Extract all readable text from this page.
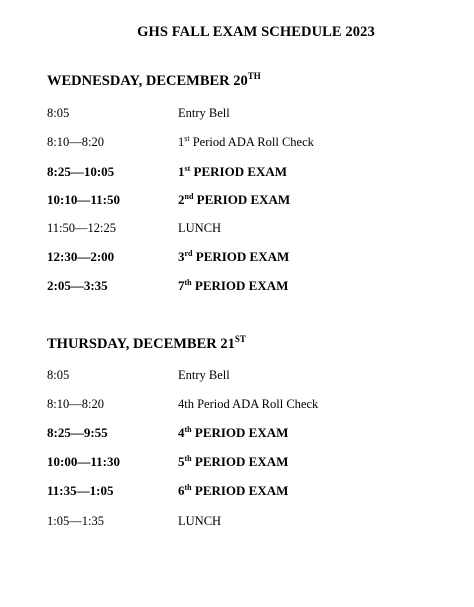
GHS FALL EXAM SCHEDULE 2023
WEDNESDAY, DECEMBER 20TH
8:05	Entry Bell
8:10—8:20	1st Period ADA Roll Check
8:25—10:05	1st PERIOD EXAM
10:10—11:50	2nd PERIOD EXAM
11:50—12:25	LUNCH
12:30—2:00	3rd PERIOD EXAM
2:05—3:35	7th PERIOD EXAM
THURSDAY, DECEMBER 21ST
8:05	Entry Bell
8:10—8:20	4th Period ADA Roll Check
8:25—9:55	4th PERIOD EXAM
10:00—11:30	5th PERIOD EXAM
11:35—1:05	6th PERIOD EXAM
1:05—1:35	LUNCH
